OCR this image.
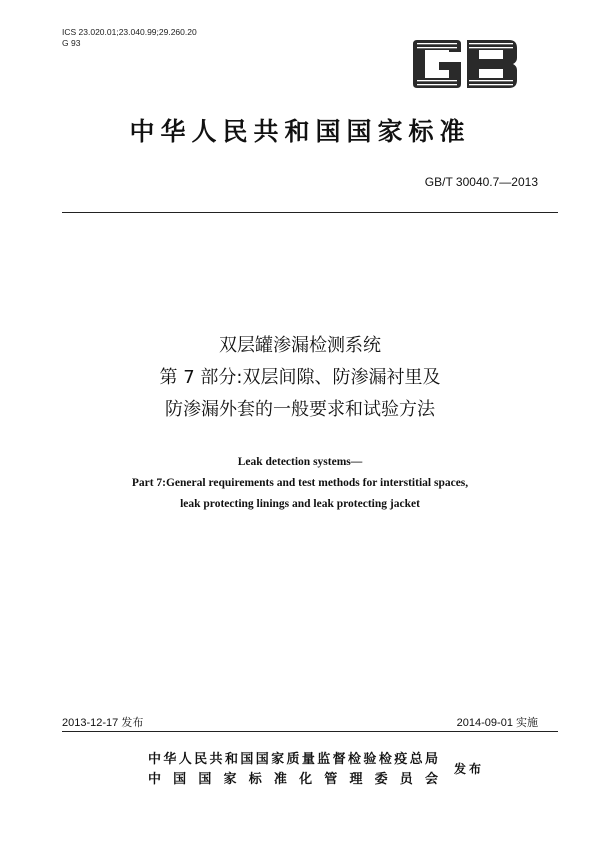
ICS 23.020.01;23.040.99;29.260.20
G 93
中华人民共和国国家标准
GB/T 30040.7—2013
双层罐渗漏检测系统
第 7 部分:双层间隙、防渗漏衬里及
防渗漏外套的一般要求和试验方法
Leak detection systems—
Part 7:General requirements and test methods for interstitial spaces,
leak protecting linings and leak protecting jacket
2013-12-17 发布	2014-09-01 实施
中华人民共和国国家质量监督检验检疫总局
中国国家标准化管理委员会
发布
